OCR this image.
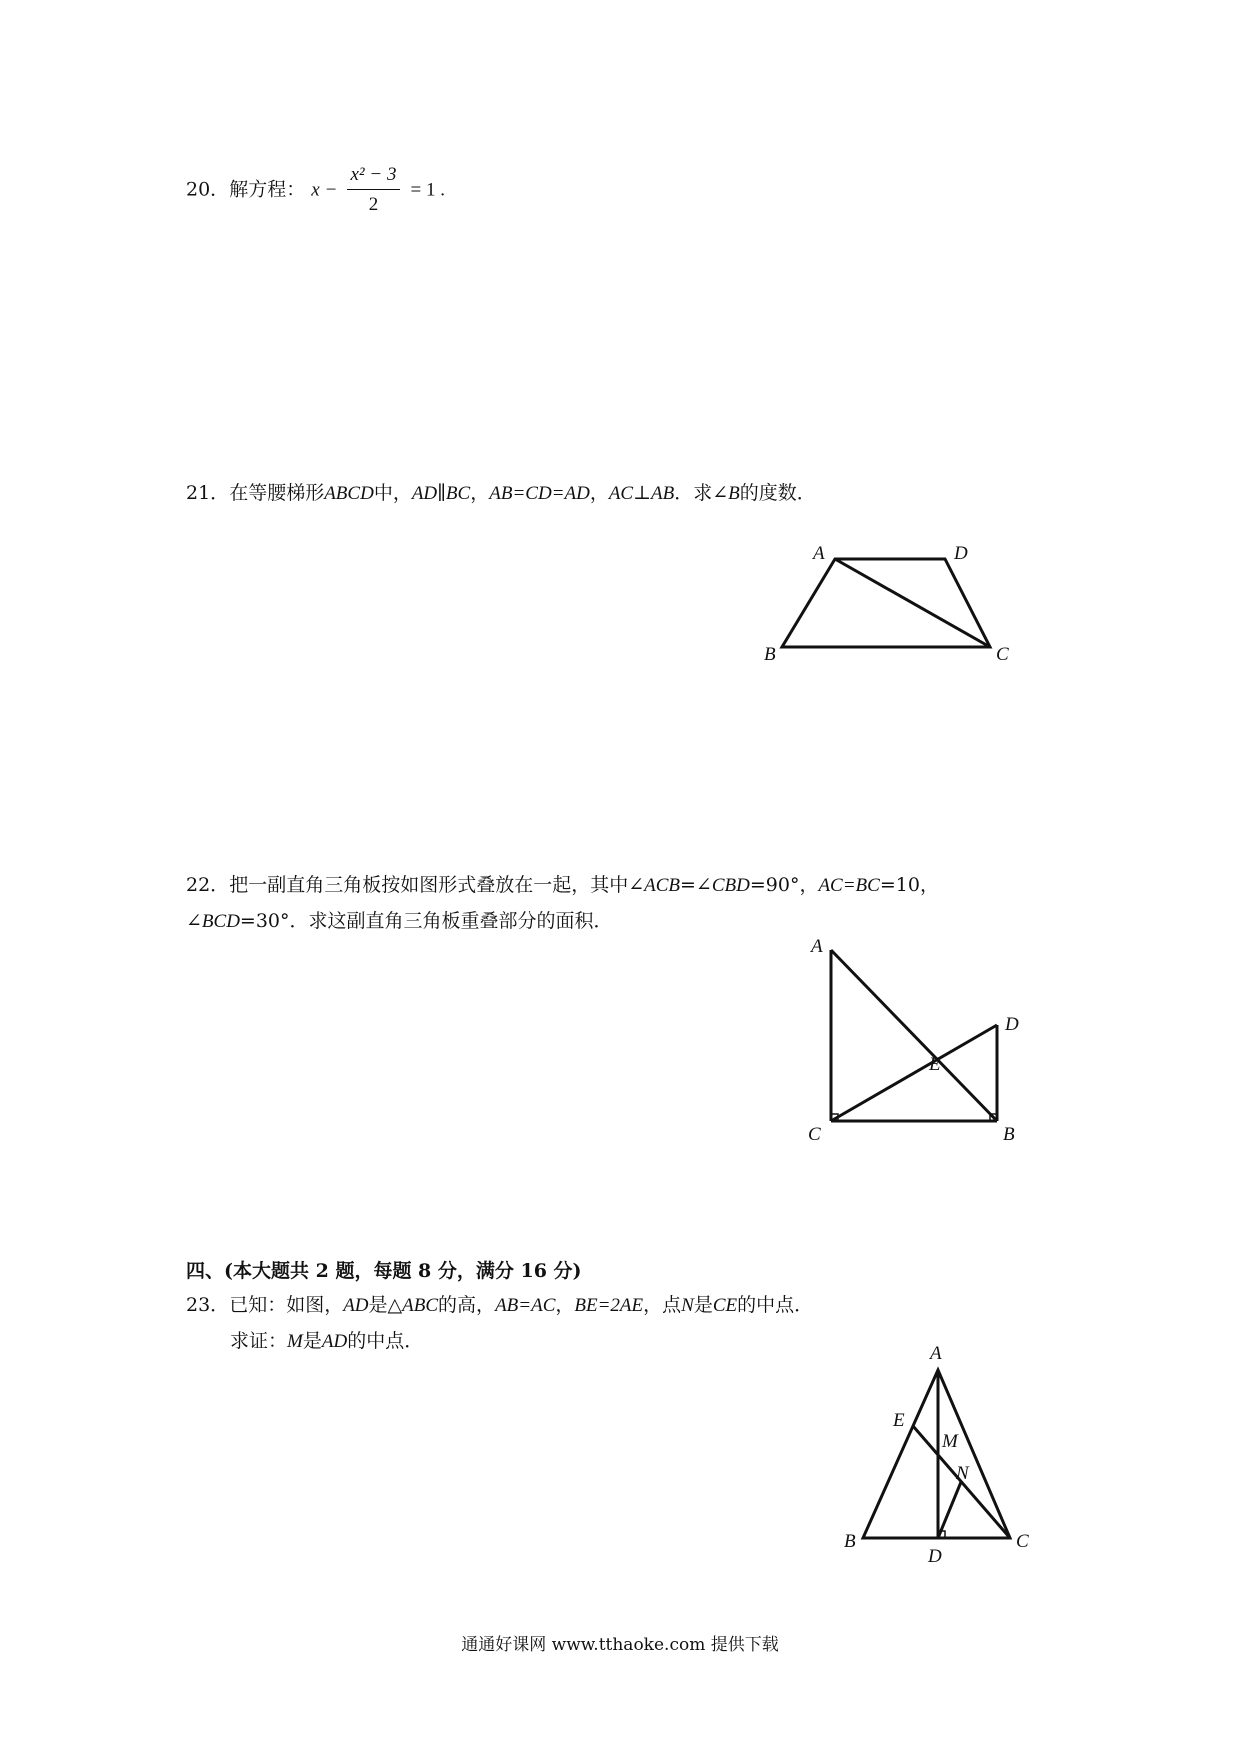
20．解方程： $x - \frac{\text{x² − 3}}{2} = 1$ .
21．在等腰梯形ABCD中，AD∥BC，AB=CD=AD，AC⊥AB．求∠B的度数．
A	D
B	C
22．把一副直角三角板按如图形式叠放在一起，其中∠ACB=∠CBD=90°，AC=BC=10，
∠BCD=30°．求这副直角三角板重叠部分的面积．
A
D
E
C	B
四、(本大题共 2 题，每题 8 分，满分 16 分)
23．已知：如图，AD是△ABC的高，AB=AC，BE=2AE，点N是CE的中点．
求证：M是AD的中点．
A
E
M
N
B
D
C
通通好课网 www.tthaoke.com 提供下载
